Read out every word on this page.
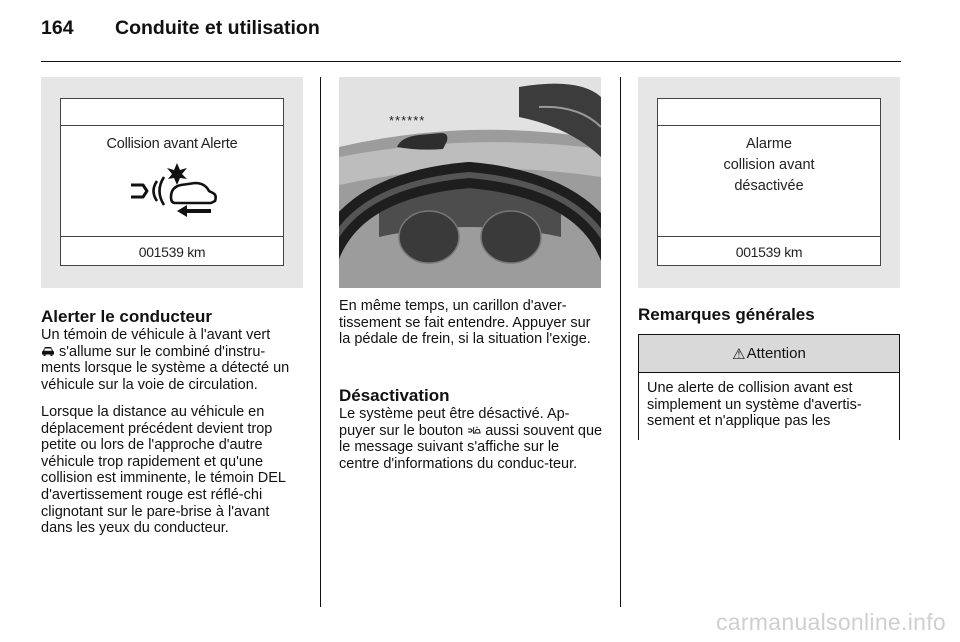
164 Conduite et utilisation
Collision avant Alerte
001539 km
******
Alarme
collision avant
désactivée
001539 km
Alerter le conducteur
Un témoin de véhicule à l'avant vert
s'allume sur le combiné d'instru-
ments lorsque le système a détecté un véhicule sur la voie de circulation.
Lorsque la distance au véhicule en déplacement précédent devient trop petite ou lors de l'approche d'autre véhicule trop rapidement et qu'une collision est imminente, le témoin DEL d'avertissement rouge est réflé-chi clignotant sur le pare-brise à l'avant dans les yeux du conducteur.
En même temps, un carillon d'aver-tissement se fait entendre. Appuyer sur la pédale de frein, si la situation l'exige.
Désactivation
Le système peut être désactivé. Ap-puyer sur le bouton  aussi souvent que le message suivant s'affiche sur le centre d'informations du conduc-teur.
Remarques générales
⚠ Attention
Une alerte de collision avant est simplement un système d'avertis-sement et n'applique pas les
carmanualsonline.info
